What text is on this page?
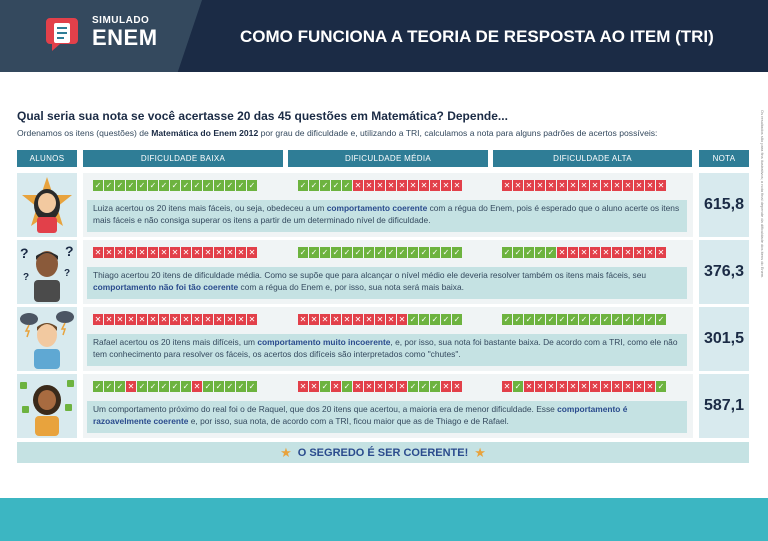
SIMULADO
ENEM	COMO FUNCIONA A TEORIA DE RESPOSTA AO ITEM (TRI)
Qual seria sua nota se você acertasse 20 das 45 questões em Matemática? Depende...
Ordenamos os itens (questões) de Matemática do Enem 2012 por grau de dificuldade e, utilizando a TRI, calculamos a nota para alguns padrões de acertos possíveis:
ALUNOS	DIFICULDADE BAIXA	DIFICULDADE MÉDIA	DIFICULDADE ALTA	NOTA
✓ ✓ ✓ ✓ ✓ ✓ ✓ ✓ ✓ ✓ ✓ ✓ ✓ ✓ ✓	✓ ✓ ✓ ✓ ✓ ✕ ✕ ✕ ✕ ✕ ✕ ✕ ✕ ✕ ✕	✕ ✕ ✕ ✕ ✕ ✕ ✕ ✕ ✕ ✕ ✕ ✕ ✕ ✕ ✕
Luiza acertou os 20 itens mais fáceis, ou seja, obedeceu a um comportamento coerente com a régua do Enem, pois é esperado que o aluno acerte os itens mais fáceis e não consiga superar os itens a partir de um determinado nível de dificuldade.
615,8
?	?
?	?
✕ ✕ ✕ ✕ ✕ ✕ ✕ ✕ ✕ ✕ ✕ ✕ ✕ ✕ ✕	✓ ✓ ✓ ✓ ✓ ✓ ✓ ✓ ✓ ✓ ✓ ✓ ✓ ✓ ✓	✓ ✓ ✓ ✓ ✓ ✕ ✕ ✕ ✕ ✕ ✕ ✕ ✕ ✕ ✕
Thiago acertou 20 itens de dificuldade média. Como se supõe que para alcançar o nível médio ele deveria resolver também os itens mais fáceis, seu comportamento não foi tão coerente com a régua do Enem e, por isso, sua nota será mais baixa.
376,3
✕ ✕ ✕ ✕ ✕ ✕ ✕ ✕ ✕ ✕ ✕ ✕ ✕ ✕ ✕	✕ ✕ ✕ ✕ ✕ ✕ ✕ ✕ ✕ ✕ ✓ ✓ ✓ ✓ ✓	✓ ✓ ✓ ✓ ✓ ✓ ✓ ✓ ✓ ✓ ✓ ✓ ✓ ✓ ✓
Rafael acertou os 20 itens mais difíceis, um comportamento muito incoerente, e, por isso, sua nota foi bastante baixa. De acordo com a TRI, como ele não tem conhecimento para resolver os fáceis, os acertos dos difíceis são interpretados como "chutes".
301,5
✓ ✓ ✓ ✕ ✓ ✓ ✓ ✓ ✓ ✕ ✓ ✓ ✓ ✓ ✓	✕ ✕ ✓ ✕ ✓ ✕ ✕ ✕ ✕ ✕ ✓ ✓ ✓ ✕ ✕	✕ ✓ ✕ ✕ ✕ ✕ ✕ ✕ ✕ ✕ ✕ ✕ ✕ ✕ ✓
Um comportamento próximo do real foi o de Raquel, que dos 20 itens que acertou, a maioria era de menor dificuldade. Esse comportamento é razoavelmente coerente e, por isso, sua nota, de acordo com a TRI, ficou maior que as de Thiago e de Rafael.
587,1
★ O SEGREDO É SER COERENTE! ★
Os resultados são para fins ilustrativos; a nota final depende da dificuldade dos itens do Enem.
